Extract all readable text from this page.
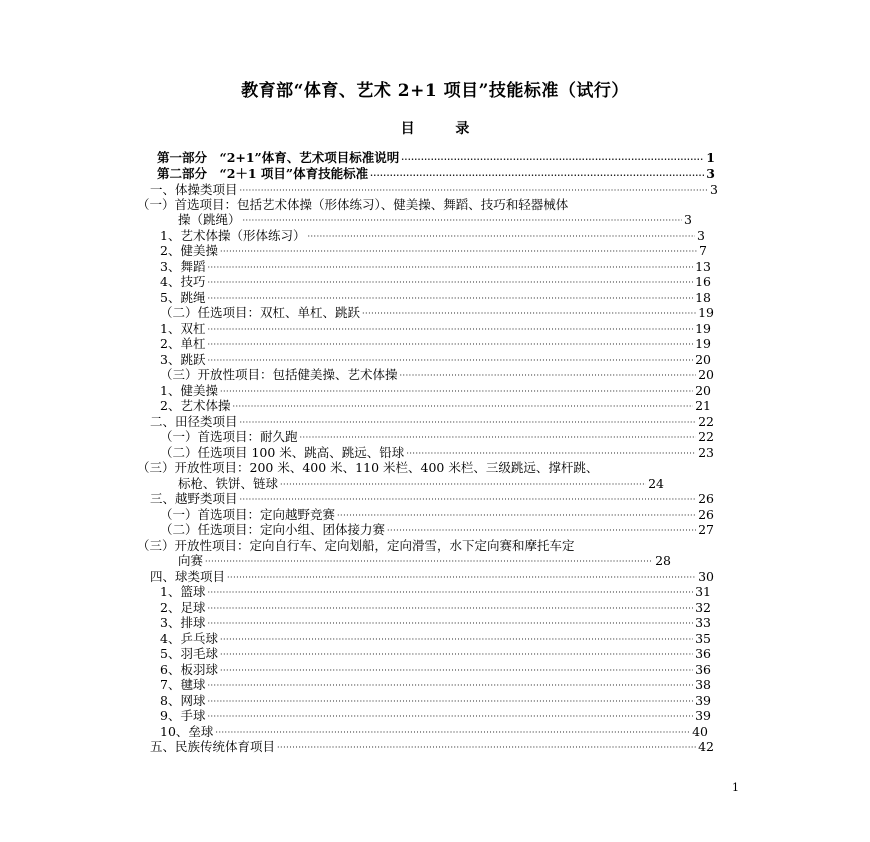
教育部“体育、艺术 2+1 项目”技能标准（试行）
目 录
第一部分　“2+1”体育、艺术项目标准说明 ·····	1
第二部分　“2＋1 项目”体育技能标准 ·····	3
一、体操类项目 ·····	3
（一）首选项目：包括艺术体操（形体练习）、健美操、舞蹈、技巧和轻器械体
操（跳绳） ·····	3
1、艺术体操（形体练习） ·····	3
2、健美操 ·····	7
3、舞蹈 ·····	13
4、技巧 ·····	16
5、跳绳 ·····	18
（二）任选项目：双杠、单杠、跳跃 ·····	19
1、双杠 ·····	19
2、单杠 ·····	19
3、跳跃 ·····	20
（三）开放性项目：包括健美操、艺术体操 ·····	20
1、健美操 ·····	20
2、艺术体操 ·····	21
二、田径类项目 ·····	22
（一）首选项目：耐久跑 ·····	22
（二）任选项目 100 米、跳高、跳远、铅球 ·····	23
（三）开放性项目：200 米、400 米、110 米栏、400 米栏、三级跳远、撑杆跳、
标枪、铁饼、链球 ·····	24
三、越野类项目 ·····	26
（一）首选项目：定向越野竞赛 ·····	26
（二）任选项目：定向小组、团体接力赛 ·····	27
（三）开放性项目：定向自行车、定向划船，定向滑雪，水下定向赛和摩托车定
向赛 ·····	28
四、球类项目 ·····	30
1、篮球 ·····	31
2、足球 ·····	32
3、排球 ·····	33
4、乒乓球 ·····	35
5、羽毛球 ·····	36
6、板羽球 ·····	36
7、毽球 ·····	38
8、网球 ·····	39
9、手球 ·····	39
10、垒球 ·····	40
五、民族传统体育项目 ·····	42
1
